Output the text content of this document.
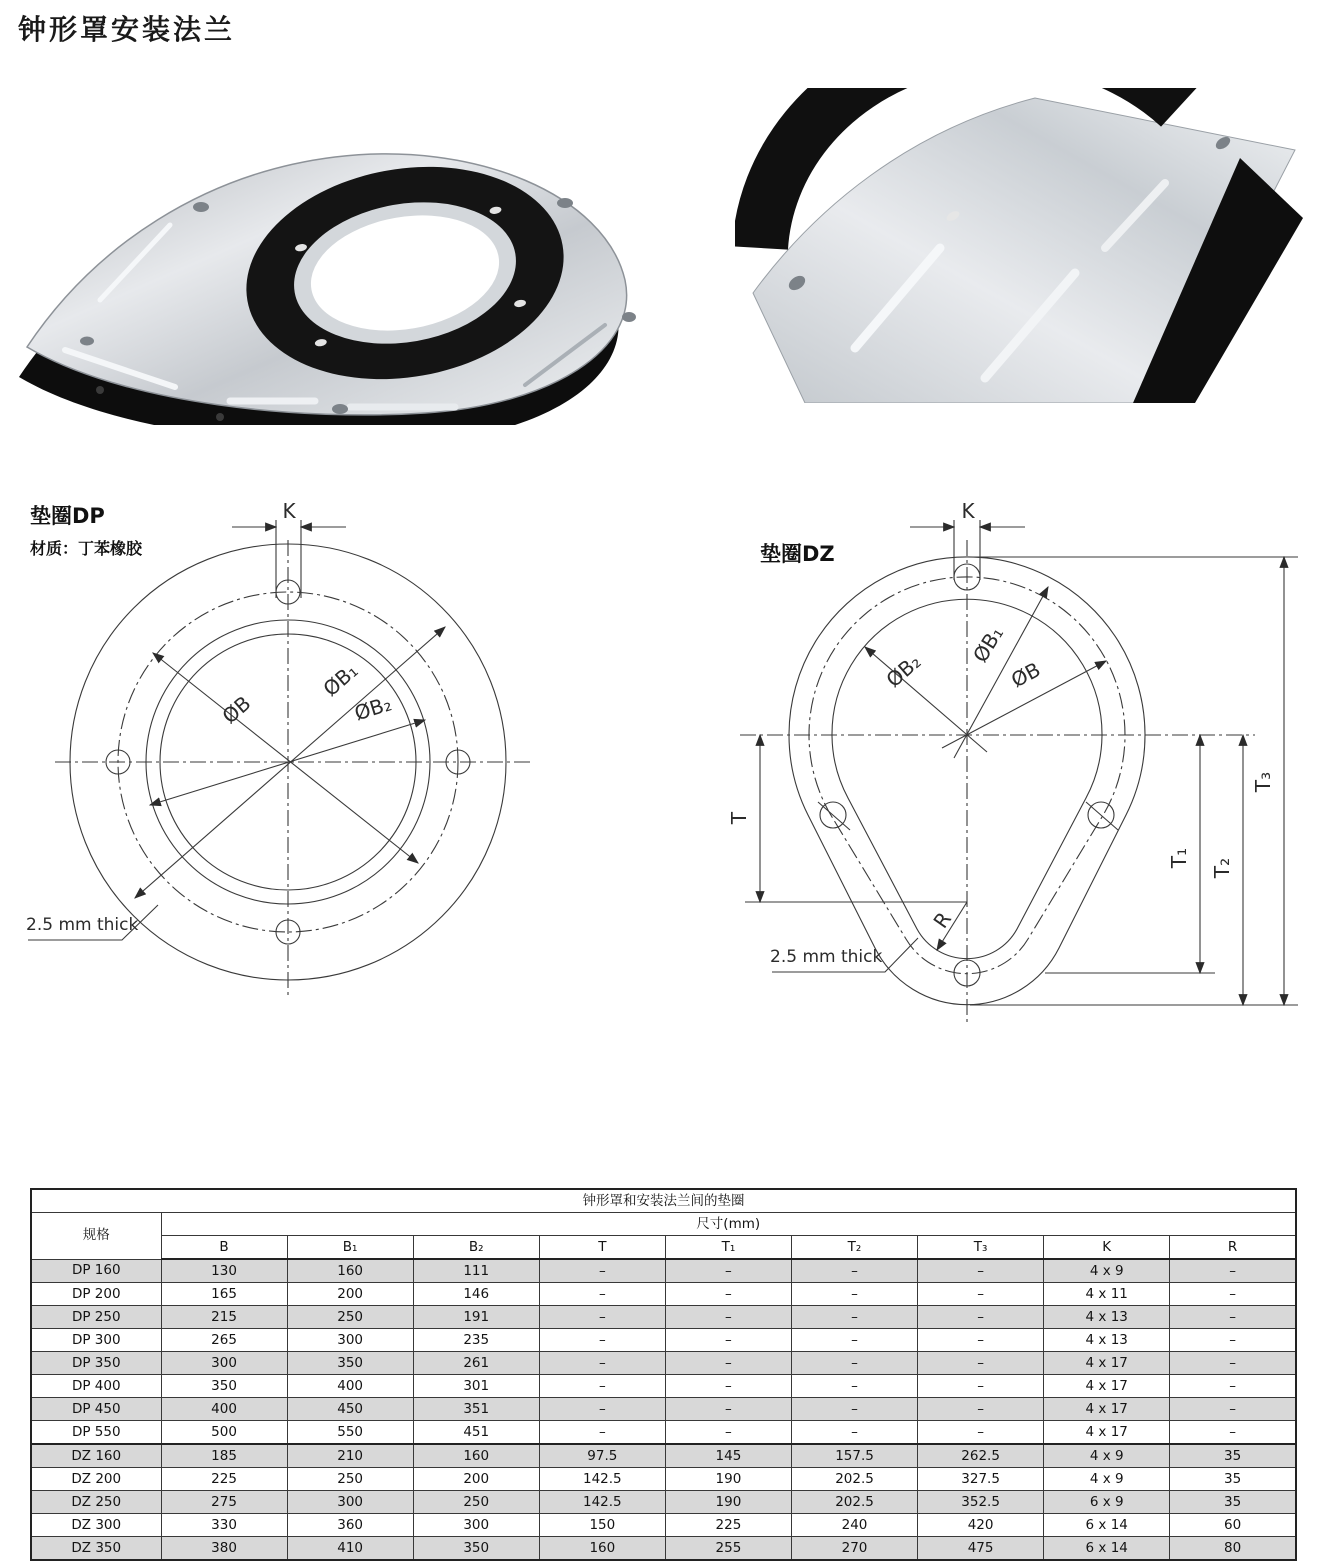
钟形罩安装法兰
K
ØB
ØB₁
ØB₂
2.5 mm thick
垫圈DP
材质：丁苯橡胶
K
ØB₂
ØB₁
ØB
T
R
T₁ T₂
T₃
2.5 mm thick
垫圈DZ
钟形罩和安装法兰间的垫圈									
规格	尺寸(mm)								
	B	B₁	B₂	T	T₁	T₂	T₃	K	R
DP 160	130	160	111	–	–	–	–	4 x 9	–
DP 200	165	200	146	–	–	–	–	4 x 11	–
DP 250	215	250	191	–	–	–	–	4 x 13	–
DP 300	265	300	235	–	–	–	–	4 x 13	–
DP 350	300	350	261	–	–	–	–	4 x 17	–
DP 400	350	400	301	–	–	–	–	4 x 17	–
DP 450	400	450	351	–	–	–	–	4 x 17	–
DP 550	500	550	451	–	–	–	–	4 x 17	–
DZ 160	185	210	160	97.5	145	157.5	262.5	4 x 9	35
DZ 200	225	250	200	142.5	190	202.5	327.5	4 x 9	35
DZ 250	275	300	250	142.5	190	202.5	352.5	6 x 9	35
DZ 300	330	360	300	150	225	240	420	6 x 14	60
DZ 350	380	410	350	160	255	270	475	6 x 14	80
